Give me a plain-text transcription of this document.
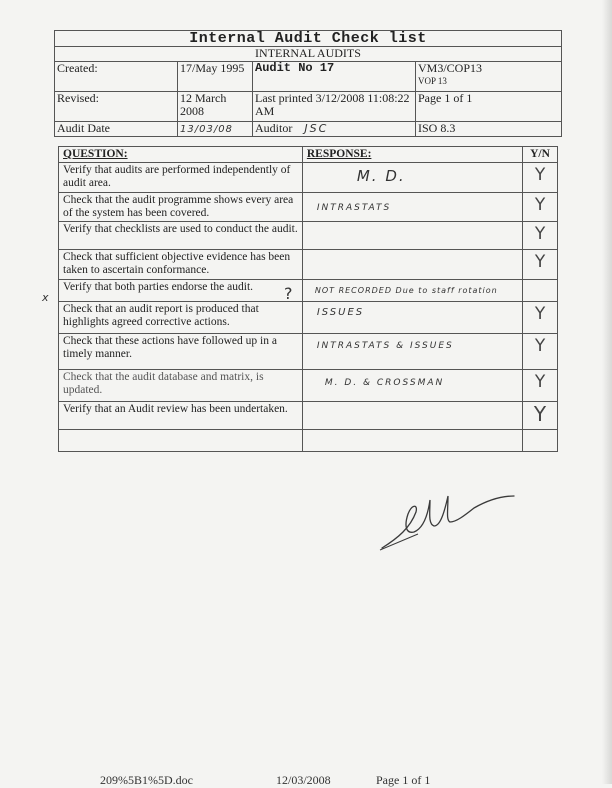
Internal Audit Check list			
INTERNAL AUDITS			
Created:	17/May 1995	Audit No 17	VM3/COP13
VOP 13

Revised:	12 March 2008	Last printed 3/12/2008 11:08:22 AM	Page 1 of 1
Audit Date	13/03/08	Auditor JSC	ISO 8.3
QUESTION:	RESPONSE:	Y/N
Verify that audits are performed independently of audit area.	M. D.	Y
Check that the audit programme shows every area of the system has been covered.	INTRASTATS	Y
Verify that checklists are used to conduct the audit.		Y
Check that sufficient objective evidence has been taken to ascertain conformance.		Y
Verify that both parties endorse the audit.	NOT RECORDED Due to staff rotation	
Check that an audit report is produced that highlights agreed corrective actions.	ISSUES	Y
Check that these actions have followed up in a timely manner.	INTRASTATS & ISSUES	Y
Check that the audit database and matrix, is updated.	M. D. & CROSSMAN	Y
Verify that an Audit review has been undertaken.		Y

x	?
209%5B1%5D.doc	12/03/2008	Page 1 of 1
